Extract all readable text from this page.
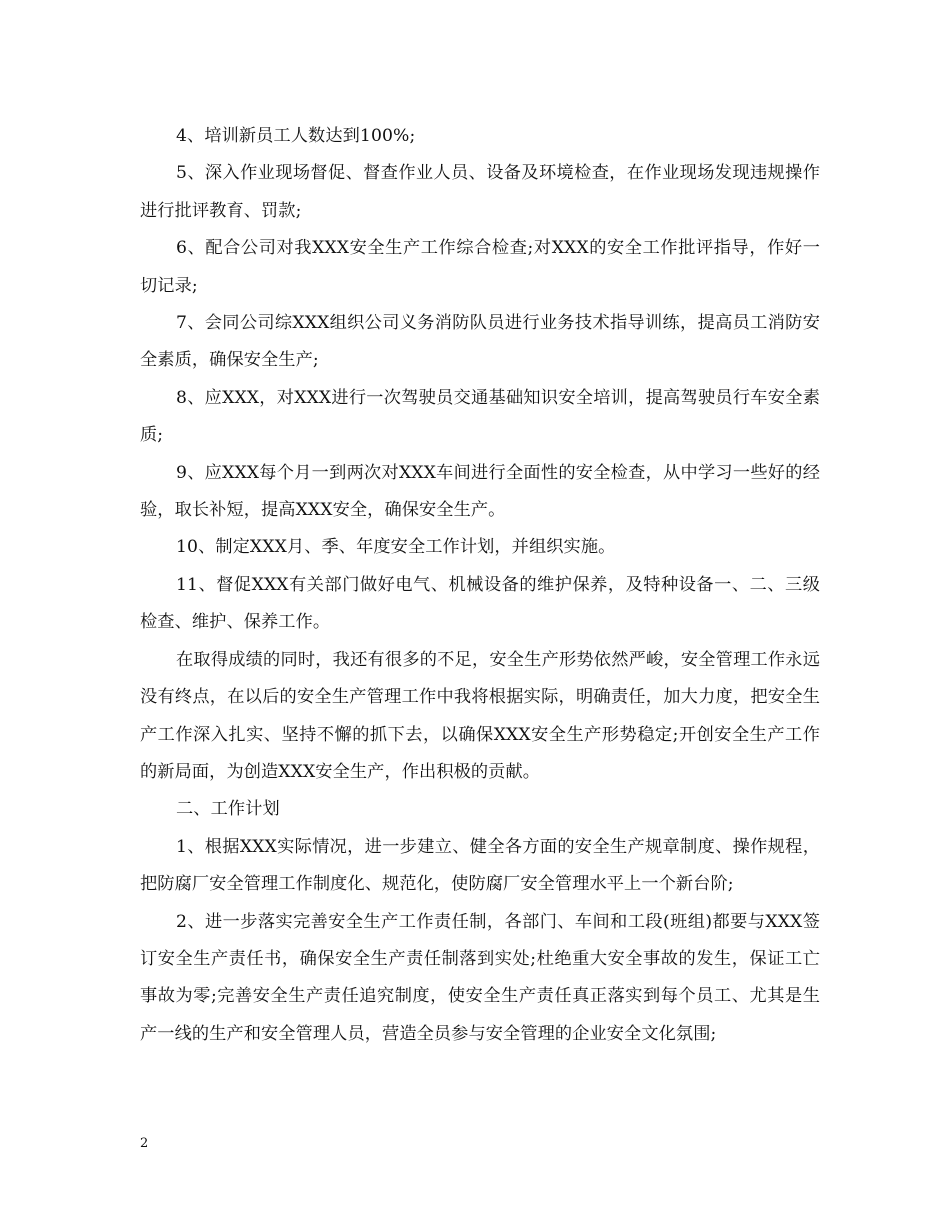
4、培训新员工人数达到100%;

5、深入作业现场督促、督查作业人员、设备及环境检查，在作业现场发现违规操作进行批评教育、罚款;

6、配合公司对我XXX安全生产工作综合检查;对XXX的安全工作批评指导，作好一切记录;

7、会同公司综XXX组织公司义务消防队员进行业务技术指导训练，提高员工消防安全素质，确保安全生产;

8、应XXX，对XXX进行一次驾驶员交通基础知识安全培训，提高驾驶员行车安全素质;

9、应XXX每个月一到两次对XXX车间进行全面性的安全检查，从中学习一些好的经验，取长补短，提高XXX安全，确保安全生产。

10、制定XXX月、季、年度安全工作计划，并组织实施。

11、督促XXX有关部门做好电气、机械设备的维护保养，及特种设备一、二、三级检查、维护、保养工作。

在取得成绩的同时，我还有很多的不足，安全生产形势依然严峻，安全管理工作永远没有终点，在以后的安全生产管理工作中我将根据实际，明确责任，加大力度，把安全生产工作深入扎实、坚持不懈的抓下去，以确保XXX安全生产形势稳定;开创安全生产工作的新局面，为创造XXX安全生产，作出积极的贡献。

二、工作计划

1、根据XXX实际情况，进一步建立、健全各方面的安全生产规章制度、操作规程，把防腐厂安全管理工作制度化、规范化，使防腐厂安全管理水平上一个新台阶;

2、进一步落实完善安全生产工作责任制，各部门、车间和工段(班组)都要与XXX签订安全生产责任书，确保安全生产责任制落到实处;杜绝重大安全事故的发生，保证工亡事故为零;完善安全生产责任追究制度，使安全生产责任真正落实到每个员工、尤其是生产一线的生产和安全管理人员，营造全员参与安全管理的企业安全文化氛围;

2
